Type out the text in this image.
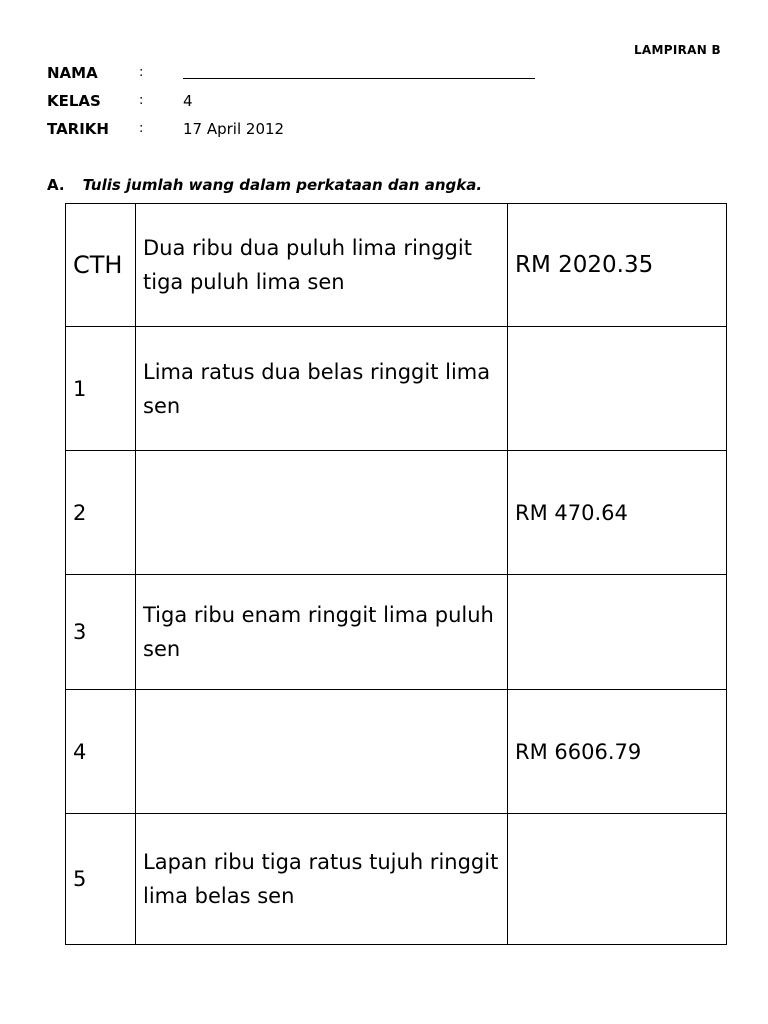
LAMPIRAN B
NAMA	:
KELAS	:	4
TARIKH :	17 April 2012
A. Tulis jumlah wang dalam perkataan dan angka.
CTH	Dua ribu dua puluh lima ringgit tiga puluh lima sen	RM 2020.35
1	Lima ratus dua belas ringgit lima sen	
2		RM 470.64
3	Tiga ribu enam ringgit lima puluh sen	
4		RM 6606.79
5	Lapan ribu tiga ratus tujuh ringgit lima belas sen	
